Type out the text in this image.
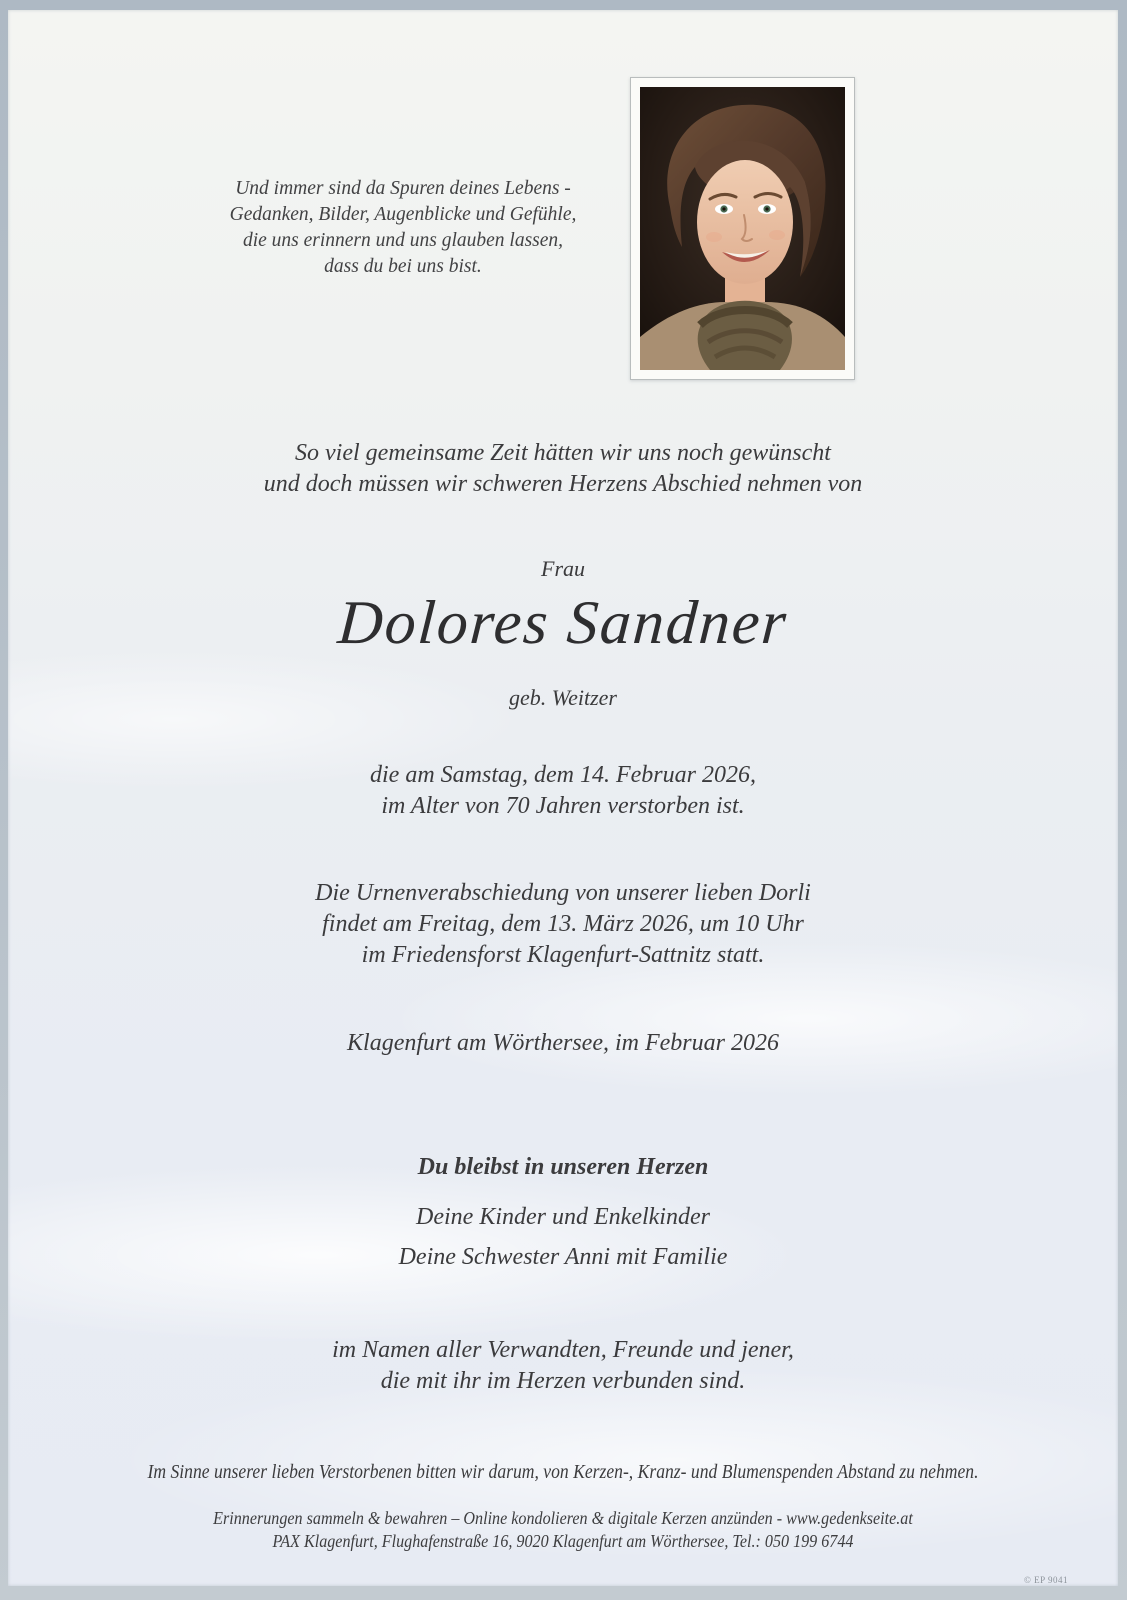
Und immer sind da Spuren deines Lebens -
Gedanken, Bilder, Augenblicke und Gefühle,
die uns erinnern und uns glauben lassen,
dass du bei uns bist.
So viel gemeinsame Zeit hätten wir uns noch gewünscht
und doch müssen wir schweren Herzens Abschied nehmen von
Frau
Dolores Sandner
geb. Weitzer
die am Samstag, dem 14. Februar 2026,
im Alter von 70 Jahren verstorben ist.
Die Urnenverabschiedung von unserer lieben Dorli
findet am Freitag, dem 13. März 2026, um 10 Uhr
im Friedensforst Klagenfurt-Sattnitz statt.
Klagenfurt am Wörthersee, im Februar 2026
Du bleibst in unseren Herzen
Deine Kinder und Enkelkinder
Deine Schwester Anni mit Familie
im Namen aller Verwandten, Freunde und jener,
die mit ihr im Herzen verbunden sind.
Im Sinne unserer lieben Verstorbenen bitten wir darum, von Kerzen-, Kranz- und Blumenspenden Abstand zu nehmen.
Erinnerungen sammeln & bewahren – Online kondolieren & digitale Kerzen anzünden - www.gedenkseite.at
PAX Klagenfurt, Flughafenstraße 16, 9020 Klagenfurt am Wörthersee, Tel.: 050 199 6744
© EP 9041
